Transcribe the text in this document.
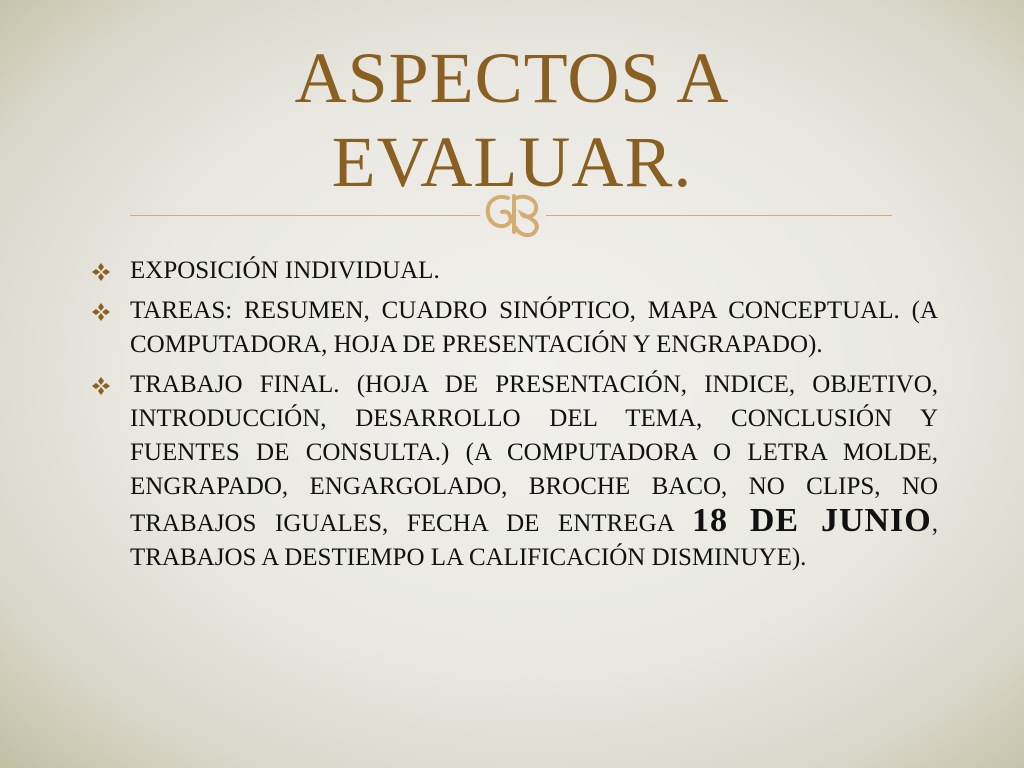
ASPECTOS A
EVALUAR.
EXPOSICIÓN INDIVIDUAL.
TAREAS: RESUMEN, CUADRO SINÓPTICO, MAPA CONCEPTUAL. (A COMPUTADORA, HOJA DE PRESENTACIÓN Y ENGRAPADO).
TRABAJO FINAL. (HOJA DE PRESENTACIÓN, INDICE, OBJETIVO, INTRODUCCIÓN, DESARROLLO DEL TEMA, CONCLUSIÓN Y FUENTES DE CONSULTA.) (A COMPUTADORA O LETRA MOLDE, ENGRAPADO, ENGARGOLADO, BROCHE BACO, NO CLIPS, NO TRABAJOS IGUALES, FECHA DE ENTREGA 18 DE JUNIO, TRABAJOS A DESTIEMPO LA CALIFICACIÓN DISMINUYE).
